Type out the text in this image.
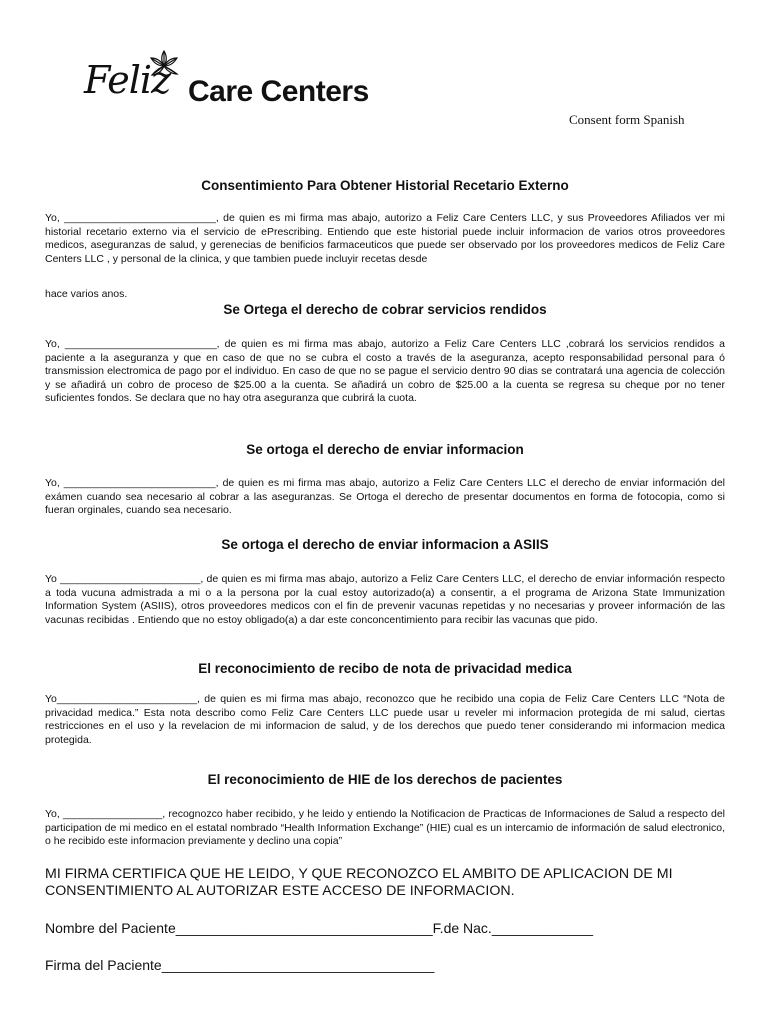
Feliz Care Centers
Consent form Spanish
Consentimiento Para Obtener Historial Recetario Externo
Yo, __________________________, de quien es mi firma mas abajo, autorizo a Feliz Care Centers LLC, y sus Proveedores Afiliados ver mi historial recetario externo via el servicio de ePrescribing. Entiendo que este historial puede incluir informacion de varios otros proveedores medicos, aseguranzas de salud, y gerenecias de benificios farmaceuticos que puede ser observado por los proveedores medicos de Feliz Care Centers LLC , y personal de la clinica, y que tambien puede incluyir recetas desde
hace varios anos.
Se Ortega el derecho de cobrar servicios rendidos
Yo, __________________________, de quien es mi firma mas abajo, autorizo a Feliz Care Centers LLC ,cobrará los servicios rendidos a paciente a la aseguranza y que en caso de que no se cubra el costo a través de la aseguranza, acepto responsabilidad personal para ó transmission electromica de pago por el individuo. En caso de que no se pague el servicio dentro 90 dias se contratará una agencia de colección y se añadirá un cobro de proceso de $25.00 a la cuenta. Se añadirá un cobro de $25.00 a la cuenta se regresa su cheque por no tener suficientes fondos. Se declara que no hay otra aseguranza que cubrirá la cuota.
Se ortoga el derecho de enviar informacion
Yo, __________________________, de quien es mi firma mas abajo, autorizo a Feliz Care Centers LLC el derecho de enviar información del exámen cuando sea necesario al cobrar a las aseguranzas. Se Ortoga el derecho de presentar documentos en forma de fotocopia, como si fueran orginales, cuando sea necesario.
Se ortoga el derecho de enviar informacion a ASIIS
Yo ________________________, de quien es mi firma mas abajo, autorizo a Feliz Care Centers LLC, el derecho de enviar información respecto a toda vucuna admistrada a mi o a la persona por la cual estoy autorizado(a) a consentir, a el programa de Arizona State Immunization Information System (ASIIS), otros proveedores medicos con el fin de prevenir vacunas repetidas y no necesarias y proveer información de las vacunas recibidas . Entiendo que no estoy obligado(a) a dar este conconcentimiento para recibir las vacunas que pido.
El reconocimiento de recibo de nota de privacidad medica
Yo________________________, de quien es mi firma mas abajo, reconozco que he recibido una copia de Feliz Care Centers LLC “Nota de privacidad medica.” Esta nota describo como Feliz Care Centers LLC puede usar u reveler mi informacion protegida de mi salud, ciertas restricciones en el uso y la revelacion de mi informacion de salud, y de los derechos que puedo tener considerando mi informacion medica protegida.
El reconocimiento de HIE de los derechos de pacientes
Yo, _________________, recognozco haber recibido, y he leido y entiendo la Notificacion de Practicas de Informaciones de Salud a respecto del participation de mi medico en el estatal nombrado “Health Information Exchange” (HIE) cual es un intercamio de información de salud electronico, o he recibido este informacion previamente y declino una copia”
MI FIRMA CERTIFICA QUE HE LEIDO, Y QUE RECONOZCO EL AMBITO DE APLICACION DE MI CONSENTIMIENTO AL AUTORIZAR ESTE ACCESO DE INFORMACION.
Nombre del Paciente_________________________________F.de Nac._____________
Firma del Paciente___________________________________
